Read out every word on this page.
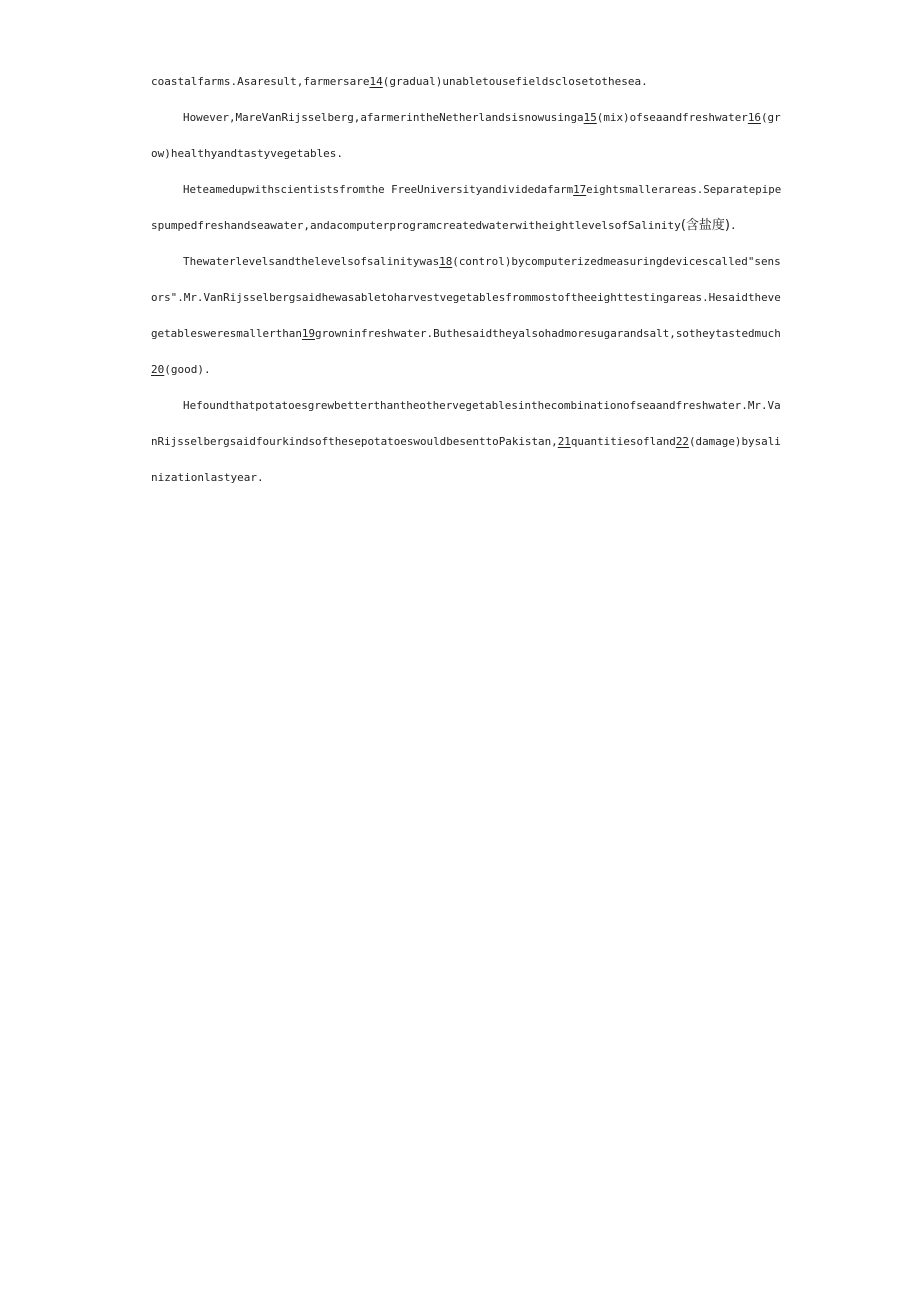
coastalfarms.Asaresult,farmersare14(gradual)unabletousefieldsclosetothesea.
However,MareVanRijsselberg,afarmerintheNetherlandsisnowusinga15(mix)ofseaandfreshwater16(gr
ow)healthyandtastyvegetables.
Heteamedupwithscientistsfromthe FreeUniversityandividedafarm17eightsmallerareas.Separatepipe
spumpedfreshandseawater,andacomputerprogramcreatedwaterwitheightlevelsofSalinity(含盐度).
Thewaterlevelsandthelevelsofsalinitywas18(control)bycomputerizedmeasuringdevicescalled"sens
ors".Mr.VanRijsselbergsaidhewasabletoharvestvegetablesfrommostoftheeighttestingareas.Hesaidtheve
getablesweresmallerthan19growninfreshwater.Buthesaidtheyalsohadmoresugarandsalt,sotheytastedmuch
20(good).
Hefoundthatpotatoesgrewbetterthantheothervegetablesinthecombinationofseaandfreshwater.Mr.Va
nRijsselbergsaidfourkindsofthesepotatoeswouldbesenttoPakistan,21quantitiesofland22(damage)bysali
nizationlastyear.
